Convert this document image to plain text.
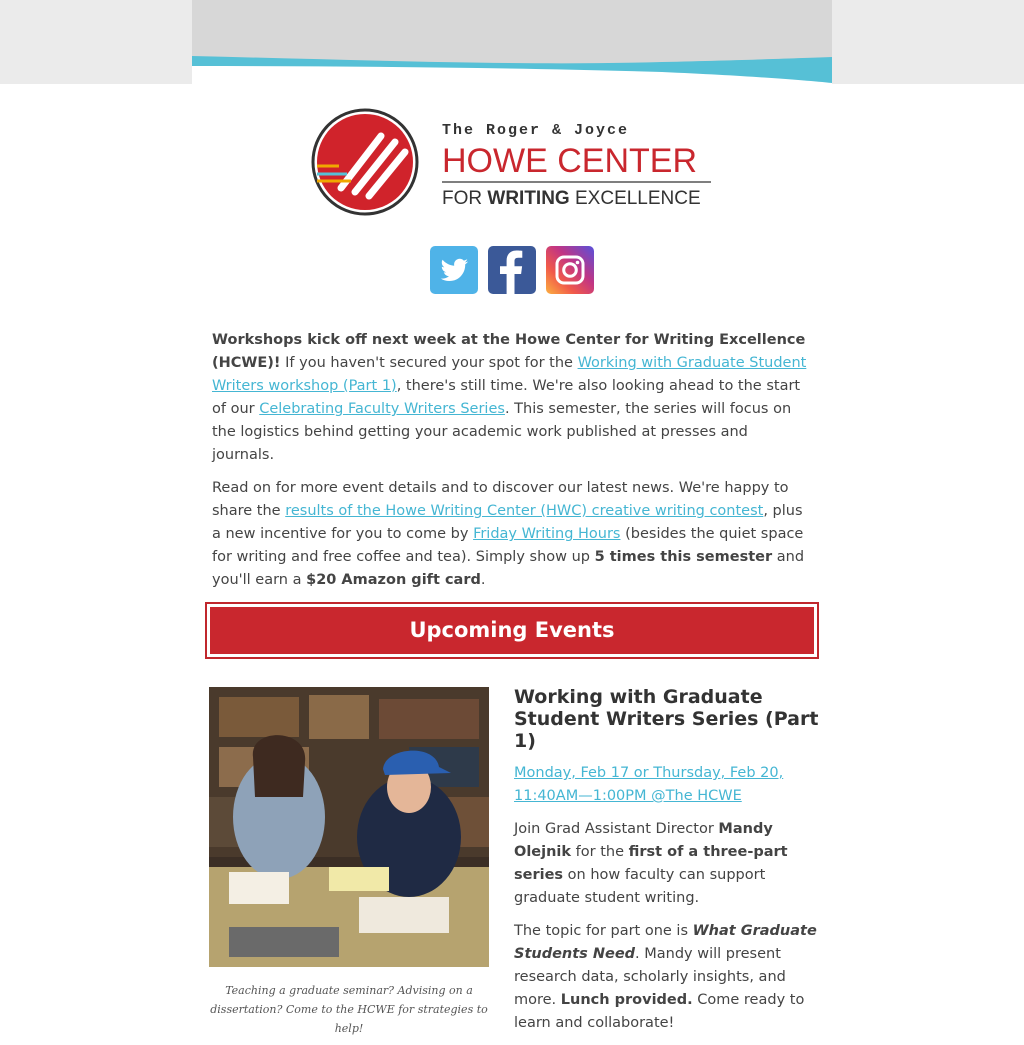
The Roger & Joyce
HOWE CENTER
FOR WRITING EXCELLENCE

Workshops kick off next week at the Howe Center for Writing Excellence (HCWE)! If you haven't secured your spot for the Working with Graduate Student Writers workshop (Part 1), there's still time. We're also looking ahead to the start of our Celebrating Faculty Writers Series. This semester, the series will focus on the logistics behind getting your academic work published at presses and journals.

Read on for more event details and to discover our latest news. We're happy to share the results of the Howe Writing Center (HWC) creative writing contest, plus a new incentive for you to come by Friday Writing Hours (besides the quiet space for writing and free coffee and tea). Simply show up 5 times this semester and you'll earn a $20 Amazon gift card.

Upcoming Events
Teaching a graduate seminar? Advising on a dissertation? Come to the HCWE for strategies to help!
Working with Graduate Student Writers Series (Part 1)

Monday, Feb 17 or Thursday, Feb 20, 11:40AM—1:00PM @The HCWE

Join Grad Assistant Director Mandy Olejnik for the first of a three-part series on how faculty can support graduate student writing.

The topic for part one is What Graduate Students Need. Mandy will present research data, scholarly insights, and more. Lunch provided. Come ready to learn and collaborate!
